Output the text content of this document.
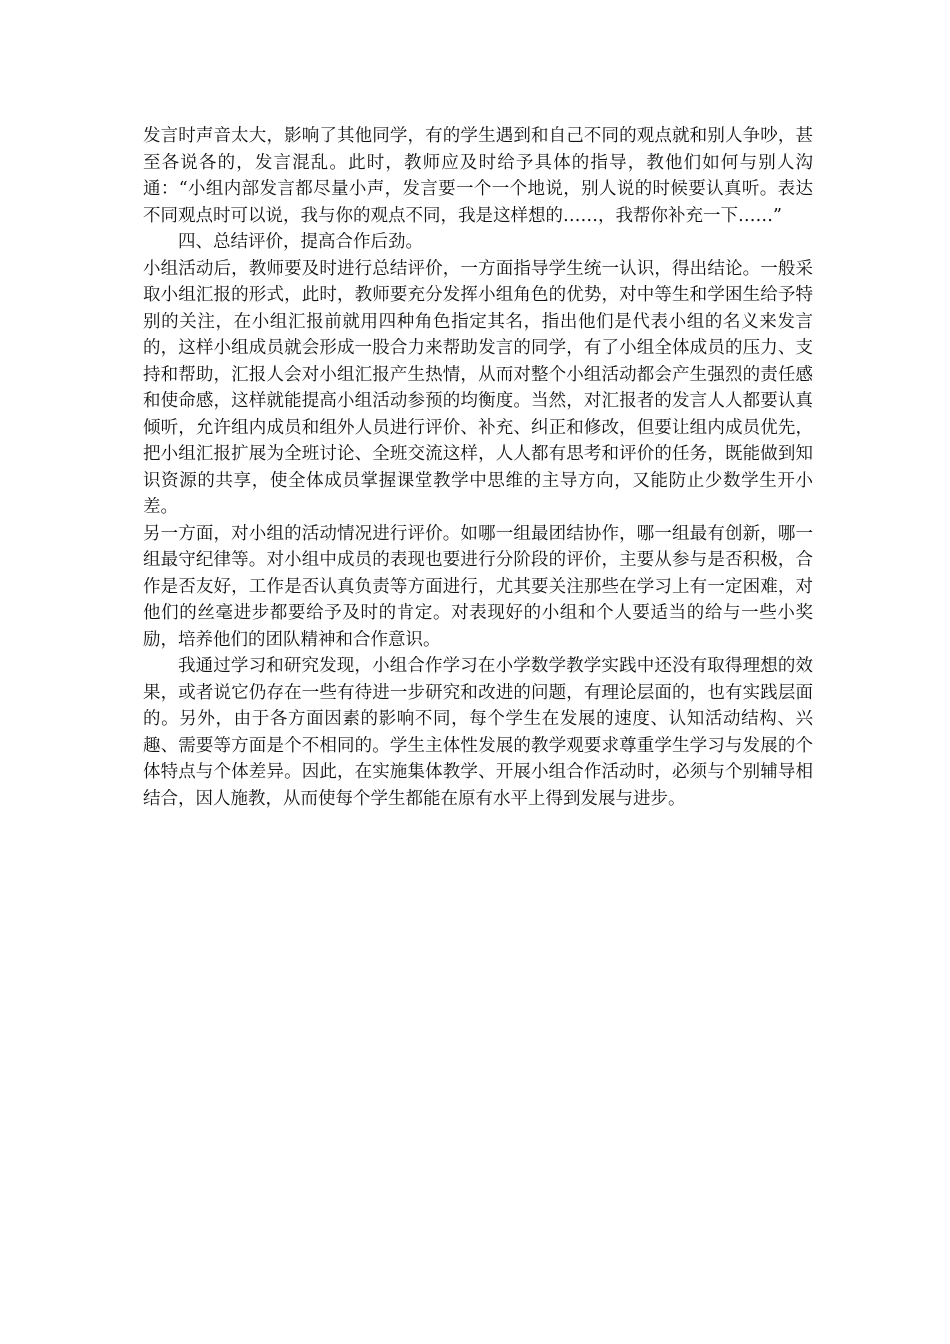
发言时声音太大，影响了其他同学，有的学生遇到和自己不同的观点就和别人争吵，甚至各说各的，发言混乱。此时，教师应及时给予具体的指导，教他们如何与别人沟通：“小组内部发言都尽量小声，发言要一个一个地说，别人说的时候要认真听。表达不同观点时可以说，我与你的观点不同，我是这样想的……，我帮你补充一下……”

四、总结评价，提高合作后劲。

小组活动后，教师要及时进行总结评价，一方面指导学生统一认识，得出结论。一般采取小组汇报的形式，此时，教师要充分发挥小组角色的优势，对中等生和学困生给予特别的关注，在小组汇报前就用四种角色指定其名，指出他们是代表小组的名义来发言的，这样小组成员就会形成一股合力来帮助发言的同学，有了小组全体成员的压力、支持和帮助，汇报人会对小组汇报产生热情，从而对整个小组活动都会产生强烈的责任感和使命感，这样就能提高小组活动参预的均衡度。当然，对汇报者的发言人人都要认真倾听，允许组内成员和组外人员进行评价、补充、纠正和修改，但要让组内成员优先，把小组汇报扩展为全班讨论、全班交流这样，人人都有思考和评价的任务，既能做到知识资源的共享，使全体成员掌握课堂教学中思维的主导方向，又能防止少数学生开小差。

另一方面，对小组的活动情况进行评价。如哪一组最团结协作，哪一组最有创新，哪一组最守纪律等。对小组中成员的表现也要进行分阶段的评价，主要从参与是否积极，合作是否友好，工作是否认真负责等方面进行，尤其要关注那些在学习上有一定困难，对他们的丝毫进步都要给予及时的肯定。对表现好的小组和个人要适当的给与一些小奖励，培养他们的团队精神和合作意识。

我通过学习和研究发现，小组合作学习在小学数学教学实践中还没有取得理想的效果，或者说它仍存在一些有待进一步研究和改进的问题，有理论层面的，也有实践层面的。另外，由于各方面因素的影响不同，每个学生在发展的速度、认知活动结构、兴趣、需要等方面是个不相同的。学生主体性发展的教学观要求尊重学生学习与发展的个体特点与个体差异。因此，在实施集体教学、开展小组合作活动时，必须与个别辅导相结合，因人施教，从而使每个学生都能在原有水平上得到发展与进步。
